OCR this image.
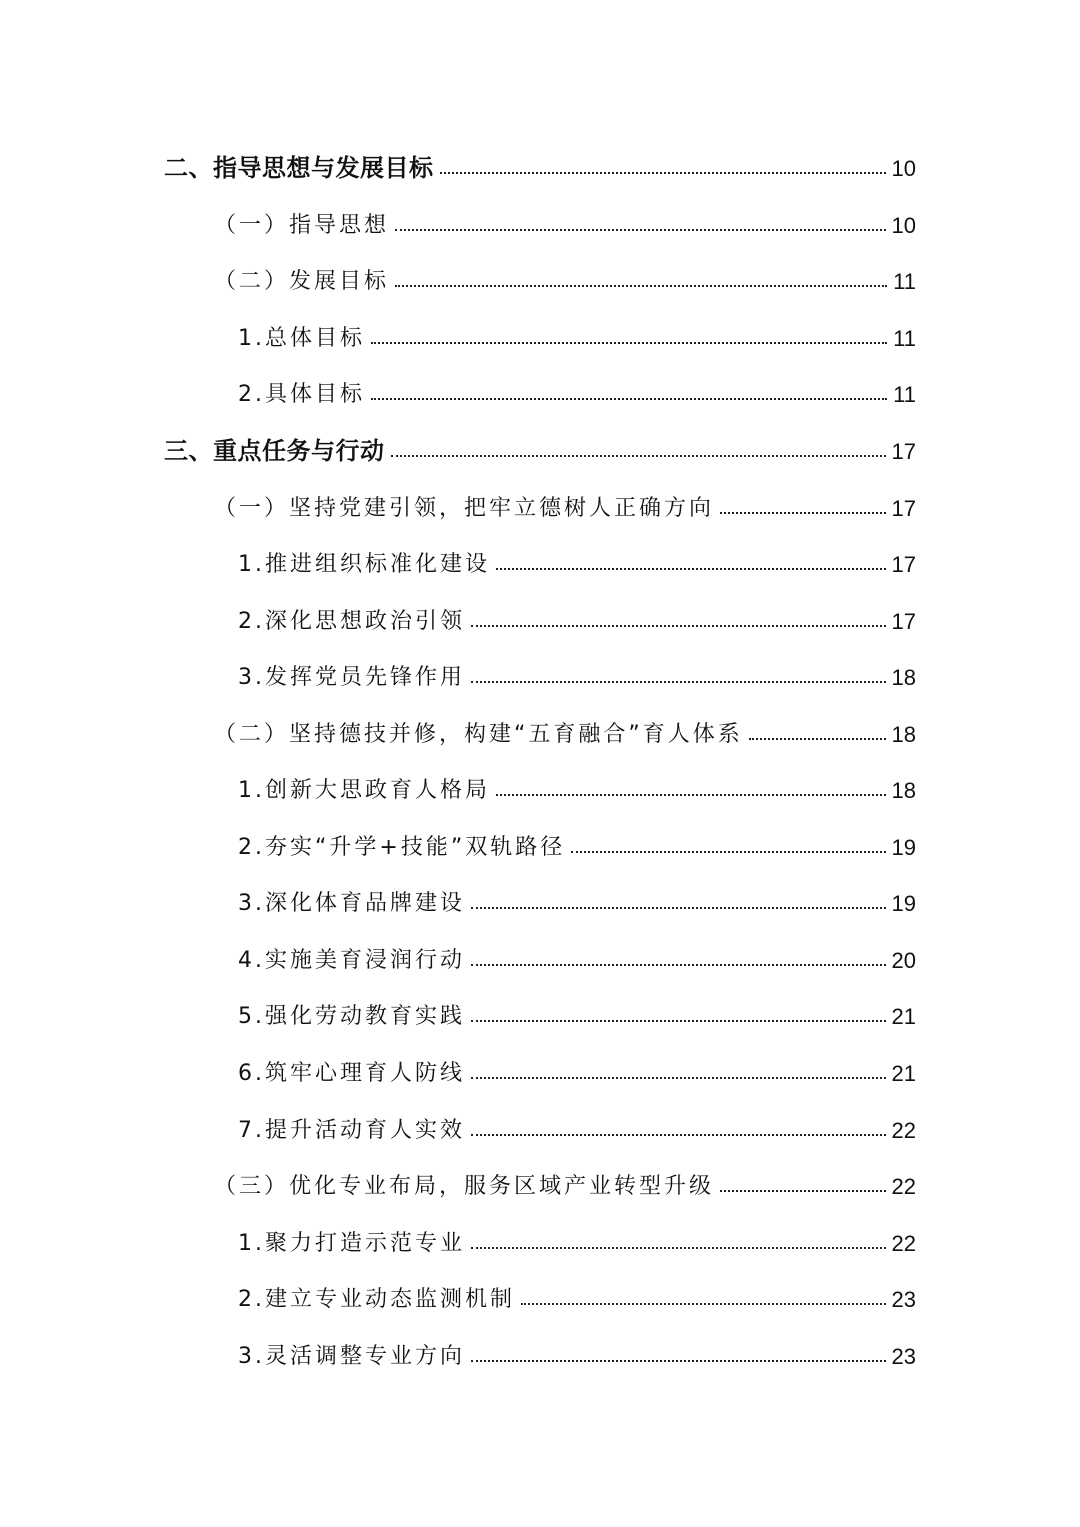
二、指导思想与发展目标	10
（一）指导思想	10
（二）发展目标	11
1.总体目标	11
2.具体目标	11
三、重点任务与行动	17
（一）坚持党建引领，把牢立德树人正确方向	17
1.推进组织标准化建设	17
2.深化思想政治引领	17
3.发挥党员先锋作用	18
（二）坚持德技并修，构建“五育融合”育人体系	18
1.创新大思政育人格局	18
2.夯实“升学+技能”双轨路径	19
3.深化体育品牌建设	19
4.实施美育浸润行动	20
5.强化劳动教育实践	21
6.筑牢心理育人防线	21
7.提升活动育人实效	22
（三）优化专业布局，服务区域产业转型升级	22
1.聚力打造示范专业	22
2.建立专业动态监测机制	23
3.灵活调整专业方向	23
